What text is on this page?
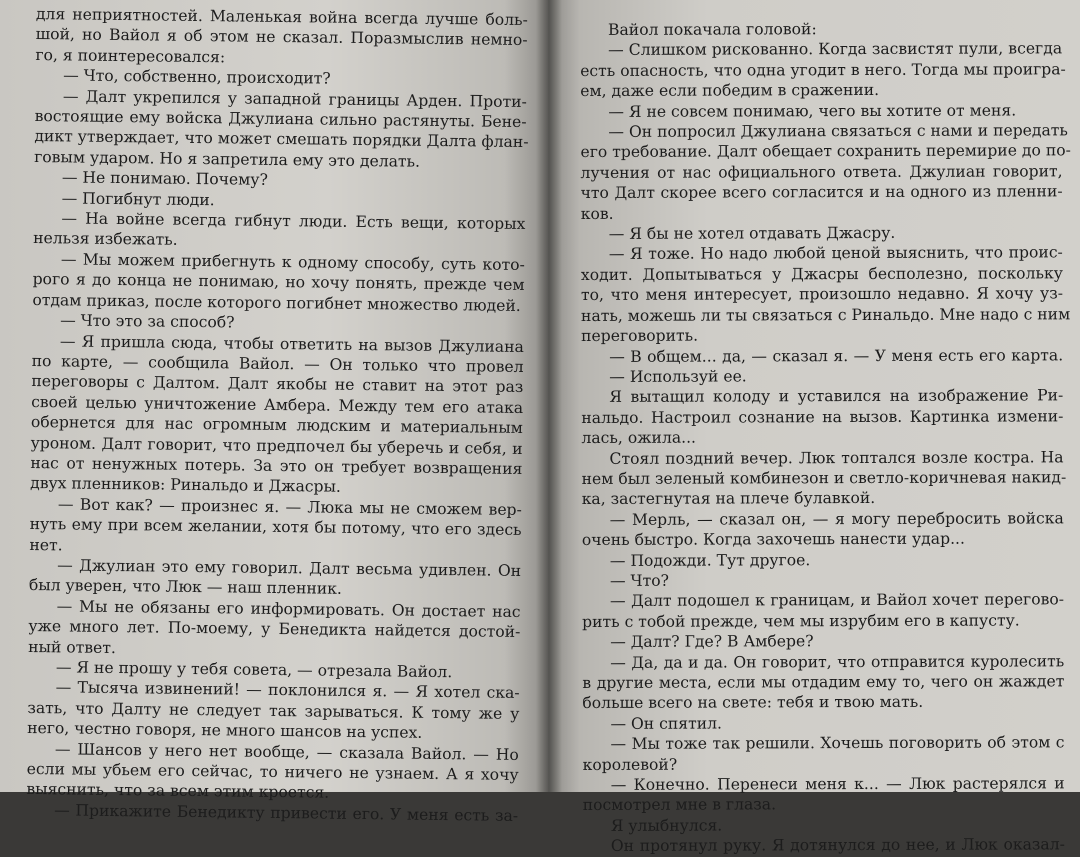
для неприятностей. Маленькая война всегда лучше боль-

шой, но Вайол я об этом не сказал. Поразмыслив немно-

го, я поинтересовался:

— Что, собственно, происходит?

— Далт укрепился у западной границы Арден. Проти-

востоящие ему войска Джулиана сильно растянуты. Бене-

дикт утверждает, что может смешать порядки Далта флан-

говым ударом. Но я запретила ему это делать.

— Не понимаю. Почему?

— Погибнут люди.

— На войне всегда гибнут люди. Есть вещи, которых

нельзя избежать.

— Мы можем прибегнуть к одному способу, суть кото-

рого я до конца не понимаю, но хочу понять, прежде чем

отдам приказ, после которого погибнет множество людей.

— Что это за способ?

— Я пришла сюда, чтобы ответить на вызов Джулиана

по карте, — сообщила Вайол. — Он только что провел

переговоры с Далтом. Далт якобы не ставит на этот раз

своей целью уничтожение Амбера. Между тем его атака

обернется для нас огромным людским и материальным

уроном. Далт говорит, что предпочел бы уберечь и себя, и

нас от ненужных потерь. За это он требует возвращения

двух пленников: Ринальдо и Джасры.

— Вот как? — произнес я. — Люка мы не сможем вер-

нуть ему при всем желании, хотя бы потому, что его здесь

нет.

— Джулиан это ему говорил. Далт весьма удивлен. Он

был уверен, что Люк — наш пленник.

— Мы не обязаны его информировать. Он достает нас

уже много лет. По-моему, у Бенедикта найдется достой-

ный ответ.

— Я не прошу у тебя совета, — отрезала Вайол.

— Тысяча извинений! — поклонился я. — Я хотел ска-

зать, что Далту не следует так зарываться. К тому же у

него, честно говоря, не много шансов на успех.

— Шансов у него нет вообще, — сказала Вайол. — Но

если мы убьем его сейчас, то ничего не узнаем. А я хочу

выяснить, что за всем этим кроется.

— Прикажите Бенедикту привести его. У меня есть за-

Вайол покачала головой:

— Слишком рискованно. Когда засвистят пули, всегда

есть опасность, что одна угодит в него. Тогда мы проигра-

ем, даже если победим в сражении.

— Я не совсем понимаю, чего вы хотите от меня.

— Он попросил Джулиана связаться с нами и передать

его требование. Далт обещает сохранить перемирие до по-

лучения от нас официального ответа. Джулиан говорит,

что Далт скорее всего согласится и на одного из пленни-

ков.

— Я бы не хотел отдавать Джасру.

— Я тоже. Но надо любой ценой выяснить, что проис-

ходит. Допытываться у Джасры бесполезно, поскольку

то, что меня интересует, произошло недавно. Я хочу уз-

нать, можешь ли ты связаться с Ринальдо. Мне надо с ним

переговорить.

— В общем... да, — сказал я. — У меня есть его карта.

— Используй ее.

Я вытащил колоду и уставился на изображение Ри-

нальдо. Настроил сознание на вызов. Картинка измени-

лась, ожила...

Стоял поздний вечер. Люк топтался возле костра. На

нем был зеленый комбинезон и светло-коричневая накид-

ка, застегнутая на плече булавкой.

— Мерль, — сказал он, — я могу перебросить войска

очень быстро. Когда захочешь нанести удар...

— Подожди. Тут другое.

— Что?

— Далт подошел к границам, и Вайол хочет перегово-

рить с тобой прежде, чем мы изрубим его в капусту.

— Далт? Где? В Амбере?

— Да, да и да. Он говорит, что отправится куролесить

в другие места, если мы отдадим ему то, чего он жаждет

больше всего на свете: тебя и твою мать.

— Он спятил.

— Мы тоже так решили. Хочешь поговорить об этом с

королевой?

— Конечно. Перенеси меня к... — Люк растерялся и

посмотрел мне в глаза.

Я улыбнулся.

Он протянул руку. Я дотянулся до нее, и Люк оказал-
